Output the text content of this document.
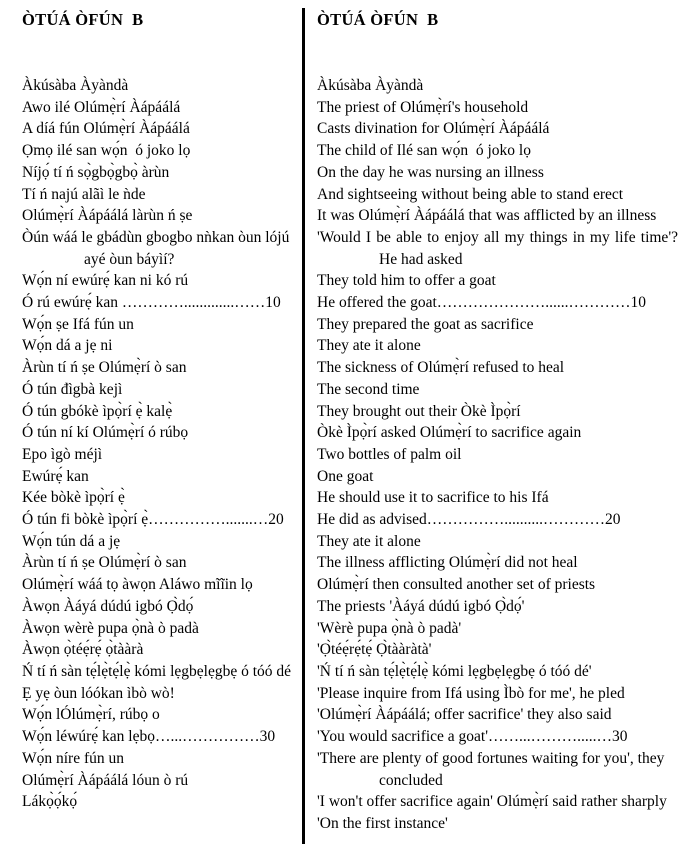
ÒTÚÁ ÒFÚN  B
Àkúsàba Àyàndà
Awo ilé Olúmẹ̀rí Àápáálá
A díá fún Olúmẹ̀rí Àápáálá
Ọmọ ilé san wọ́n  ó joko lọ
Níjọ́ tí ń sọ̀gbọ̀gbọ̀ àrùn
Tí ń najú alãì le ǹde
Olúmẹ̀rí Àápáálá làrùn ń ṣe
Òún wáá le gbádùn gbogbo nǹkan òun lójú ayé òun báyìí?
Wọ́n ní ewúrẹ́ kan ni kó rú
Ó rú ewúrẹ́ kan ………….............……10
Wọ́n ṣe Ifá fún un
Wọ́n dá a jẹ ni
Àrùn tí ń ṣe Olúmẹ̀rí ò san
Ó tún đìgbà kejì
Ó tún gbókè ìpọ̀rí ẹ̀ kalẹ̀
Ó tún ní kí Olúmẹ̀rí ó rúbọ
Epo ìgò méjì
Ewúrẹ́ kan
Kée bòkè ìpọ̀rí ẹ̀
Ó tún fi bòkè ìpọ̀rí ẹ̀…………….......…20
Wọ́n tún dá a jẹ
Àrùn tí ń ṣe Olúmẹ̀rí ò san
Olúmẹ̀rí wáá tọ àwọn Aláwo mĩĩin lọ
Àwọn Àáyá dúdú igbó Ọ̀dọ́
Àwọn wèrè pupa ọ̀nà ò padà
Àwọn ọ̀téẹ́rẹ́ ọ̀tààrà
Ń tí ń sàn tẹ́lẹ̀tẹ́lẹ̀ kómi lẹgbẹlẹgbẹ ó tóó dé
Ẹ yẹ òun lóókan ìbò wò!
Wọ́n lÓlúmẹ̀rí, rúbọ o
Wọ́n léwúrẹ́ kan lẹbọ…...……………30
Wọ́n níre fún un
Olúmẹ̀rí Àápáálá lóun ò rú
Lákọ̀ọ́kọ́
ÒTÚÁ ÒFÚN  B
Àkúsàba Àyàndà
The priest of Olúmẹ̀rí's household
Casts divination for Olúmẹ̀rí Àápáálá
The child of Ilé san wọ́n  ó joko lọ
On the day he was nursing an illness
And sightseeing without being able to stand erect
It was Olúmẹ̀rí Àápáálá that was afflicted by an illness
'Would I be able to enjoy all my things in my life time'? He had asked
They told him to offer a goat
He offered the goat…………………......…………10
They prepared the goat as sacrifice
They ate it alone
The sickness of Olúmẹ̀rí refused to heal
The second time
They brought out their Òkè Ìpọ̀rí
Òkè Ìpọ̀rí asked Olúmẹ̀rí to sacrifice again
Two bottles of palm oil
One goat
He should use it to sacrifice to his Ifá
He did as advised……………..........…………20
They ate it alone
The illness afflicting Olúmẹ̀rí did not heal
Olúmẹ̀rí then consulted another set of priests
The priests 'Àáyá dúdú igbó Ọ̀dọ́'
'Wèrè pupa ọ̀nà ò padà'
'Ọ̀téẹ́rẹ́tẹ́ Ọ̀tààràtà'
'Ń tí ń sàn tẹ́lẹ̀tẹ́lẹ̀ kómi lẹgbẹlẹgbẹ ó tóó dé'
'Please inquire from Ifá using Ìbò for me', he pled
'Olúmẹ̀rí Àápáálá; offer sacrifice' they also said
'You would sacrifice a goat'……...……….....…30
'There are plenty of good fortunes waiting for you', they concluded
'I won't offer sacrifice again' Olúmẹ̀rí said rather sharply
'On the first instance'
